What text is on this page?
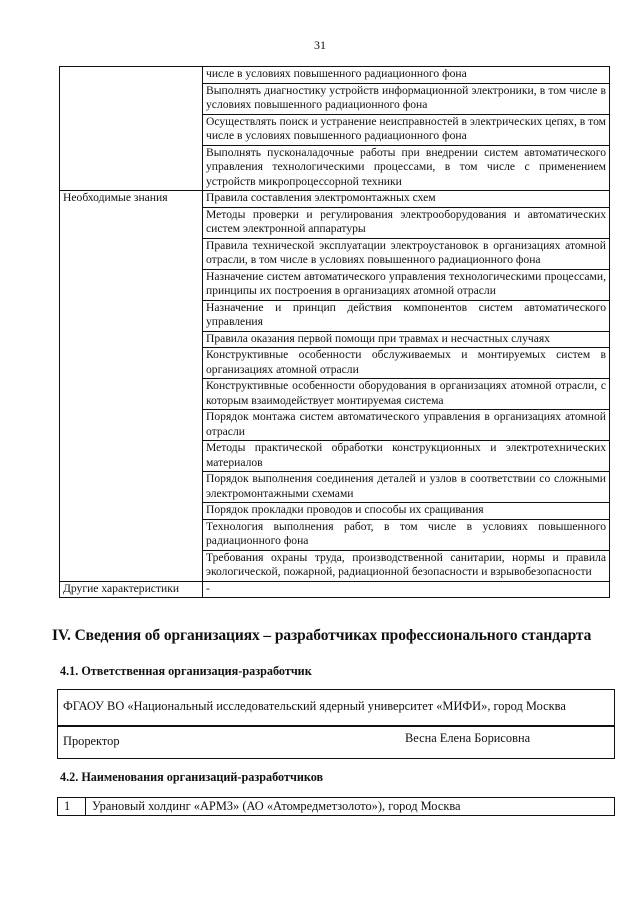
31
	числе в условиях повышенного радиационного фона
	Выполнять диагностику устройств информационной электроники, в том числе в условиях повышенного радиационного фона
	Осуществлять поиск и устранение неисправностей в электрических цепях, в том числе в условиях повышенного радиационного фона
	Выполнять пусконаладочные работы при внедрении систем автоматического управления технологическими процессами, в том числе с применением устройств микропроцессорной техники
Необходимые знания	Правила составления электромонтажных схем
	Методы проверки и регулирования электрооборудования и автоматических систем электронной аппаратуры
	Правила технической эксплуатации электроустановок в организациях атомной отрасли, в том числе в условиях повышенного радиационного фона
	Назначение систем автоматического управления технологическими процессами, принципы их построения в организациях атомной отрасли
	Назначение и принцип действия компонентов систем автоматического управления
	Правила оказания первой помощи при травмах и несчастных случаях
	Конструктивные особенности обслуживаемых и монтируемых систем в организациях атомной отрасли
	Конструктивные особенности оборудования в организациях атомной отрасли, с которым взаимодействует монтируемая система
	Порядок монтажа систем автоматического управления в организациях атомной отрасли
	Методы практической обработки конструкционных и электротехнических материалов
	Порядок выполнения соединения деталей и узлов в соответствии со сложными электромонтажными схемами
	Порядок прокладки проводов и способы их сращивания
	Технология выполнения работ, в том числе в условиях повышенного радиационного фона
	Требования охраны труда, производственной санитарии, нормы и правила экологической, пожарной, радиационной безопасности и взрывобезопасности
Другие характеристики	-
IV. Сведения об организациях – разработчиках профессионального стандарта
4.1. Ответственная организация-разработчик
ФГАОУ ВО «Национальный исследовательский ядерный университет «МИФИ», город Москва
Проректор	Весна Елена Борисовна
4.2. Наименования организаций-разработчиков
1	Урановый холдинг «АРМЗ» (АО «Атомредметзолото»), город Москва
